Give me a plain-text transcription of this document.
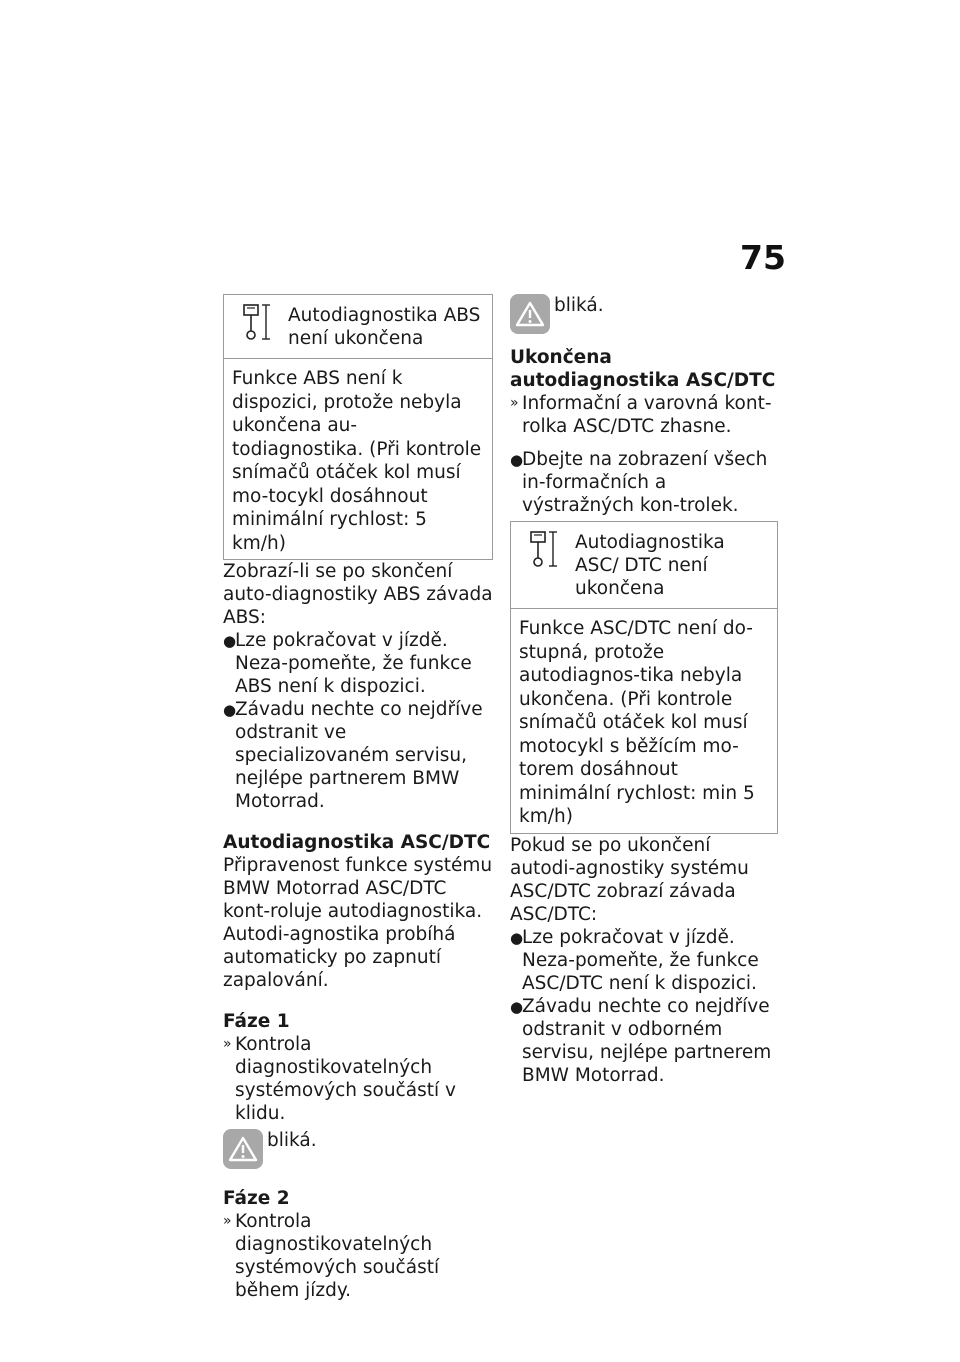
75
Autodiagnostika ABS není ukončena
Funkce ABS není k dispozici, protože nebyla ukončena au-todiagnostika. (Při kontrole snímačů otáček kol musí mo-tocykl dosáhnout minimální rychlost: 5 km/h)

Zobrazí-li se po skončení auto-diagnostiky ABS závada ABS:

●
Lze pokračovat v jízdě. Neza-pomeňte, že funkce ABS není k dispozici.
●
Závadu nechte co nejdříve odstranit ve specializovaném servisu, nejlépe partnerem BMW Motorrad.

Autodiagnostika ASC/DTC

Připravenost funkce systému BMW Motorrad ASC/DTC kont-roluje autodiagnostika. Autodi-agnostika probíhá automaticky po zapnutí zapalování.

Fáze 1

» Kontrola diagnostikovatelných systémových součástí v klidu.
bliká.

Fáze 2

» Kontrola diagnostikovatelných systémových součástí během jízdy.
bliká.

Ukončena autodiagnostika ASC/DTC

» Informační a varovná kont-rolka ASC/DTC zhasne.
●
Dbejte na zobrazení všech in-formačních a výstražných kon-trolek.
Autodiagnostika ASC/ DTC není ukončena
Funkce ASC/DTC není do-stupná, protože autodiagnos-tika nebyla ukončena. (Při kontrole snímačů otáček kol musí motocykl s běžícím mo-torem dosáhnout minimální rychlost: min 5 km/h)

Pokud se po ukončení autodi-agnostiky systému ASC/DTC zobrazí závada ASC/DTC:

●
Lze pokračovat v jízdě. Neza-pomeňte, že funkce ASC/DTC není k dispozici.
●
Závadu nechte co nejdříve odstranit v odborném servisu, nejlépe partnerem BMW Motorrad.
